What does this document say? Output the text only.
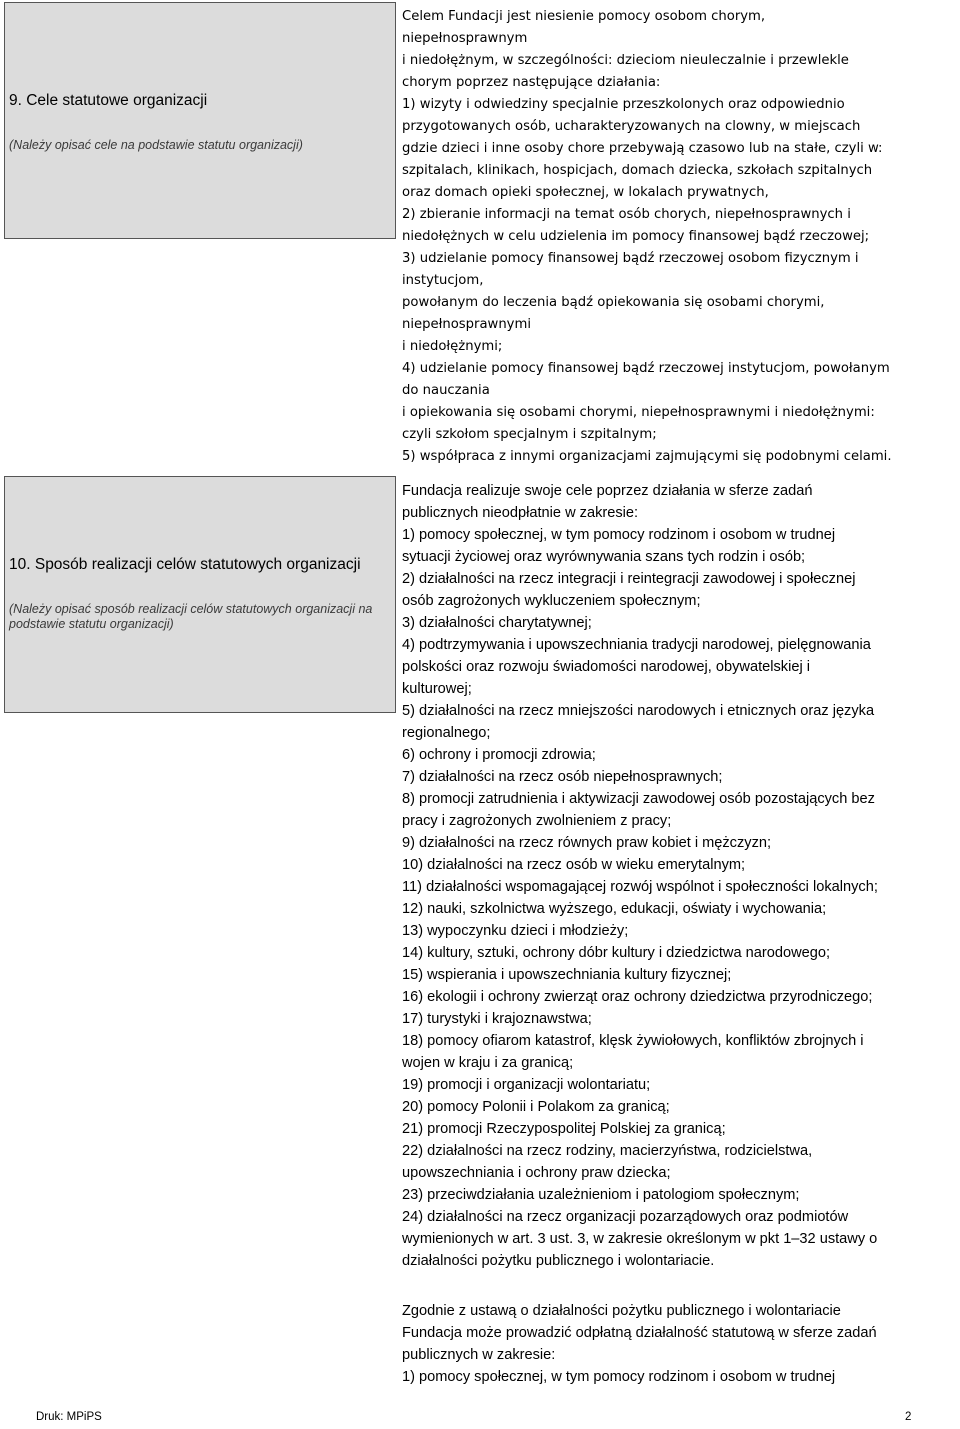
9. Cele statutowe organizacji
(Należy opisać cele na podstawie statutu organizacji)
10. Sposób realizacji celów statutowych organizacji
(Należy opisać sposób realizacji celów statutowych organizacji na podstawie statutu organizacji)
Celem Fundacji jest niesienie pomocy osobom chorym,
niepełnosprawnym
i niedołężnym, w szczególności: dzieciom nieuleczalnie i przewlekle
chorym poprzez następujące działania:
1) wizyty i odwiedziny specjalnie przeszkolonych oraz odpowiednio
przygotowanych osób, ucharakteryzowanych na clowny, w miejscach
gdzie dzieci i inne osoby chore przebywają czasowo lub na stałe, czyli w:
szpitalach, klinikach, hospicjach, domach dziecka, szkołach szpitalnych
oraz domach opieki społecznej, w lokalach prywatnych,
2) zbieranie informacji na temat osób chorych, niepełnosprawnych i
niedołężnych w celu udzielenia im pomocy finansowej bądź rzeczowej;
3) udzielanie pomocy finansowej bądź rzeczowej osobom fizycznym i
instytucjom,
powołanym do leczenia bądź opiekowania się osobami chorymi,
niepełnosprawnymi
i niedołężnymi;
4) udzielanie pomocy finansowej bądź rzeczowej instytucjom, powołanym
do nauczania
i opiekowania się osobami chorymi, niepełnosprawnymi i niedołężnymi:
czyli szkołom specjalnym i szpitalnym;
5) współpraca z innymi organizacjami zajmującymi się podobnymi celami.
Fundacja realizuje swoje cele poprzez działania w sferze zadań
publicznych nieodpłatnie w zakresie:
1) pomocy społecznej, w tym pomocy rodzinom i osobom w trudnej
sytuacji życiowej oraz wyrównywania szans tych rodzin i osób;
2) działalności na rzecz integracji i reintegracji zawodowej i społecznej
osób zagrożonych wykluczeniem społecznym;
3) działalności charytatywnej;
4) podtrzymywania i upowszechniania tradycji narodowej, pielęgnowania
polskości oraz rozwoju świadomości narodowej, obywatelskiej i
kulturowej;
5) działalności na rzecz mniejszości narodowych i etnicznych oraz języka
regionalnego;
6) ochrony i promocji zdrowia;
7) działalności na rzecz osób niepełnosprawnych;
8) promocji zatrudnienia i aktywizacji zawodowej osób pozostających bez
pracy i zagrożonych zwolnieniem z pracy;
9) działalności na rzecz równych praw kobiet i mężczyzn;
10) działalności na rzecz osób w wieku emerytalnym;
11) działalności wspomagającej rozwój wspólnot i społeczności lokalnych;
12) nauki, szkolnictwa wyższego, edukacji, oświaty i wychowania;
13) wypoczynku dzieci i młodzieży;
14) kultury, sztuki, ochrony dóbr kultury i dziedzictwa narodowego;
15) wspierania i upowszechniania kultury fizycznej;
16) ekologii i ochrony zwierząt oraz ochrony dziedzictwa przyrodniczego;
17) turystyki i krajoznawstwa;
18) pomocy ofiarom katastrof, klęsk żywiołowych, konfliktów zbrojnych i
wojen w kraju i za granicą;
19) promocji i organizacji wolontariatu;
20) pomocy Polonii i Polakom za granicą;
21) promocji Rzeczypospolitej Polskiej za granicą;
22) działalności na rzecz rodziny, macierzyństwa, rodzicielstwa,
upowszechniania i ochrony praw dziecka;
23) przeciwdziałania uzależnieniom i patologiom społecznym;
24) działalności na rzecz organizacji pozarządowych oraz podmiotów
wymienionych w art. 3 ust. 3, w zakresie określonym w pkt 1–32 ustawy o
działalności pożytku publicznego i wolontariacie.
Zgodnie z ustawą o działalności pożytku publicznego i wolontariacie
Fundacja może prowadzić odpłatną działalność statutową w sferze zadań
publicznych w zakresie:
1) pomocy społecznej, w tym pomocy rodzinom i osobom w trudnej
Druk: MPiPS	2
